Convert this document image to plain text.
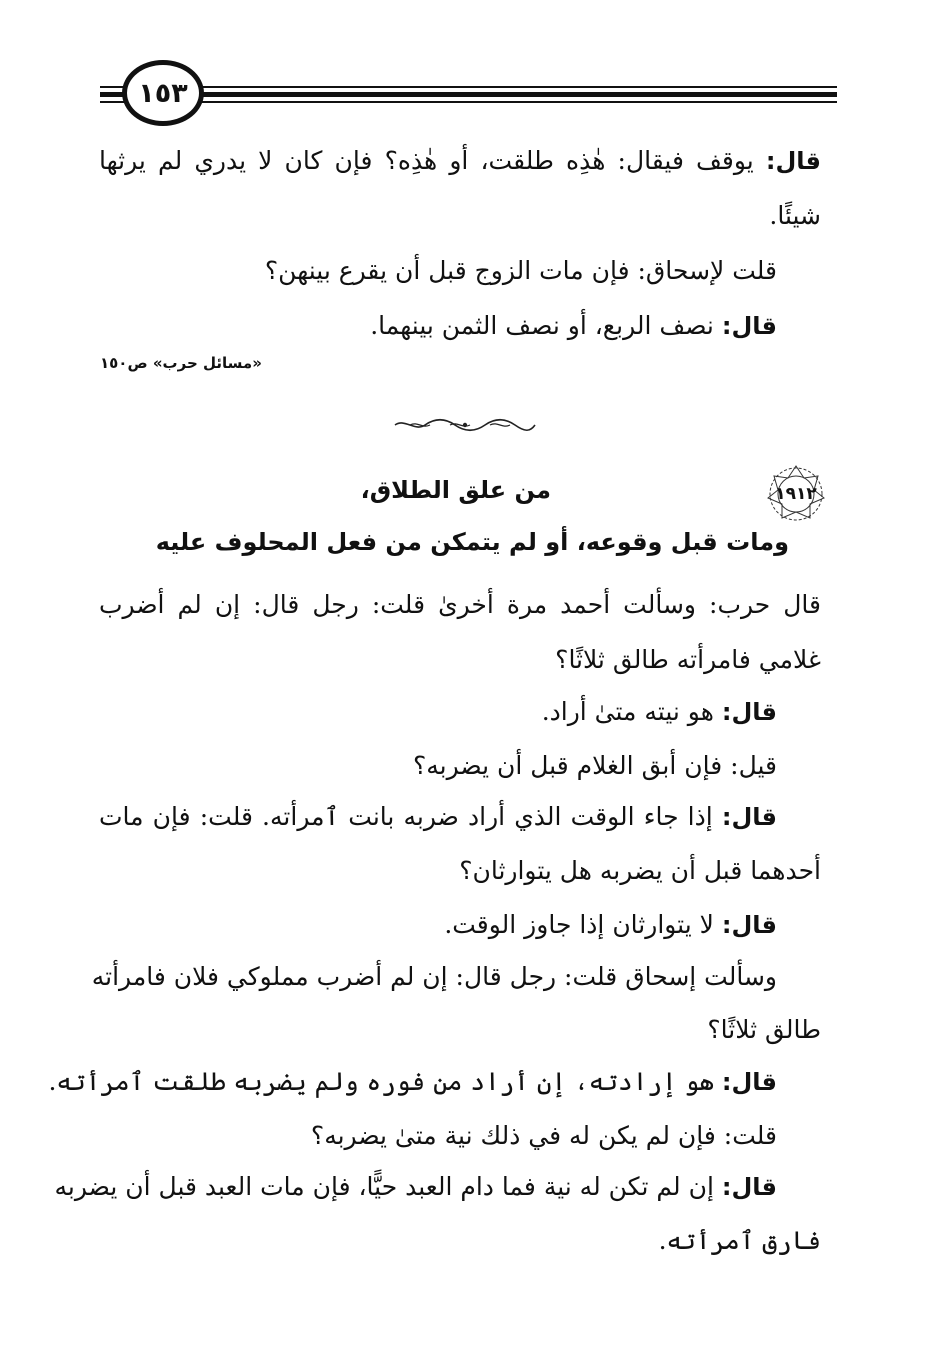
١٥٣
قال: يوقف فيقال: هٰذِه طلقت، أو هٰذِه؟ فإن كان لا يدري لم يرثها
شيئًا.
قلت لإسحاق: فإن مات الزوج قبل أن يقرع بينهن؟
قال: نصف الربع، أو نصف الثمن بينهما.
«مسائل حرب» ص١٥٠
١٩١٢
من علق الطلاق،
ومات قبل وقوعه، أو لم يتمكن من فعل المحلوف عليه
قال حرب: وسألت أحمد مرة أخرىٰ قلت: رجل قال: إن لم أضرب
غلامي فامرأته طالق ثلاثًا؟
قال: هو نيته متىٰ أراد.
قيل: فإن أبق الغلام قبل أن يضربه؟
قال: إذا جاء الوقت الذي أراد ضربه بانت ٱمرأته. قلت: فإن مات
أحدهما قبل أن يضربه هل يتوارثان؟
قال: لا يتوارثان إذا جاوز الوقت.
وسألت إسحاق قلت: رجل قال: إن لم أضرب مملوكي فلان فامرأته
طالق ثلاثًا؟
قال: هو إرادته، إن أراد من فوره ولم يضربه طلقت ٱمرأته.
قلت: فإن لم يكن له في ذلك نية متىٰ يضربه؟
قال: إن لم تكن له نية فما دام العبد حيًّا، فإن مات العبد قبل أن يضربه
فارق ٱمرأته.
